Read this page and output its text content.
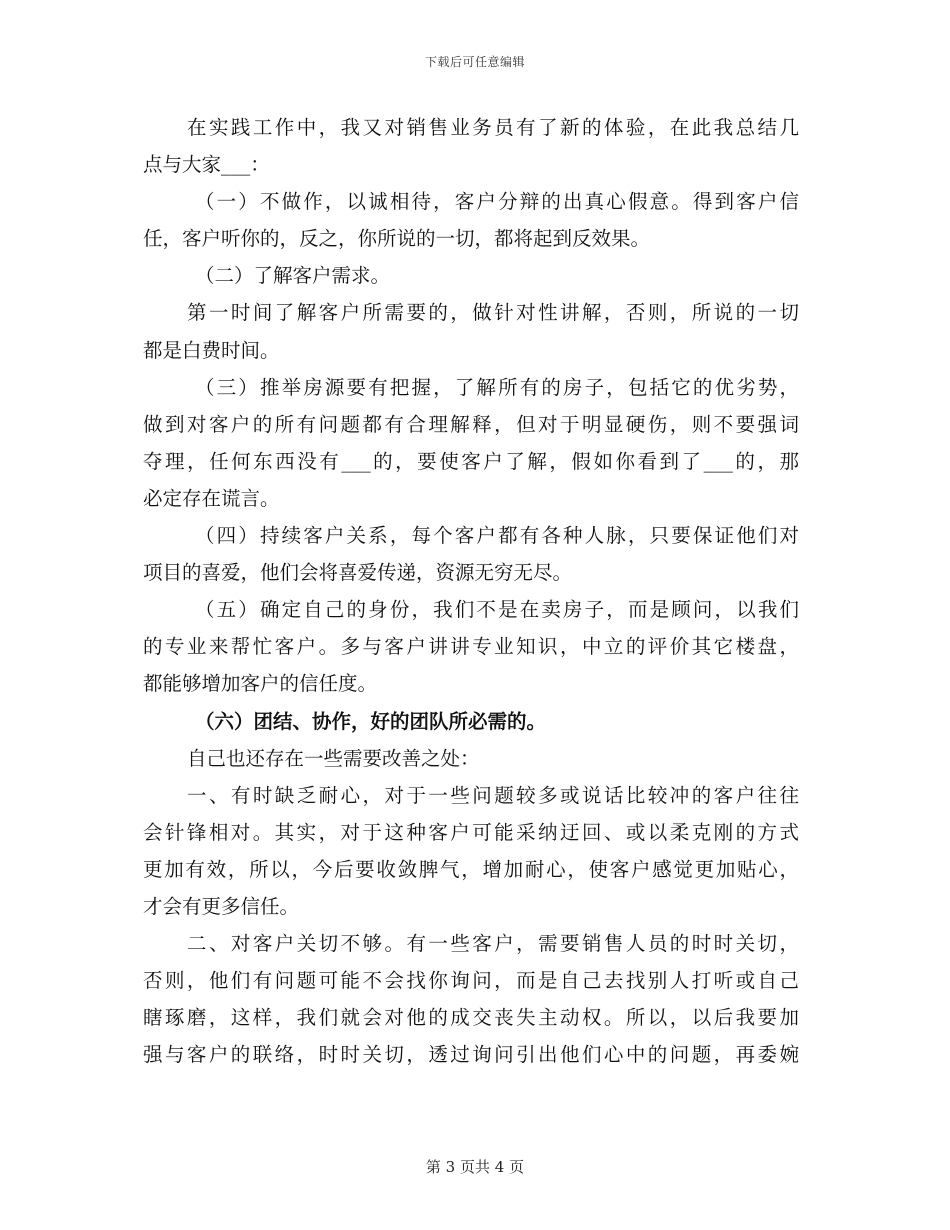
下载后可任意编辑
在实践工作中，我又对销售业务员有了新的体验，在此我总结几
点与大家___：
（一）不做作，以诚相待，客户分辩的出真心假意。得到客户信
任，客户听你的，反之，你所说的一切，都将起到反效果。
（二）了解客户需求。
第一时间了解客户所需要的，做针对性讲解，否则，所说的一切
都是白费时间。
（三）推举房源要有把握，了解所有的房子，包括它的优劣势，
做到对客户的所有问题都有合理解释，但对于明显硬伤，则不要强词
夺理，任何东西没有___的，要使客户了解，假如你看到了___的，那
必定存在谎言。
（四）持续客户关系，每个客户都有各种人脉，只要保证他们对
项目的喜爱，他们会将喜爱传递，资源无穷无尽。
（五）确定自己的身份，我们不是在卖房子，而是顾问，以我们
的专业来帮忙客户。多与客户讲讲专业知识，中立的评价其它楼盘，
都能够增加客户的信任度。
（六）团结、协作，好的团队所必需的。
自己也还存在一些需要改善之处：
一、有时缺乏耐心，对于一些问题较多或说话比较冲的客户往往
会针锋相对。其实，对于这种客户可能采纳迂回、或以柔克刚的方式
更加有效，所以，今后要收敛脾气，增加耐心，使客户感觉更加贴心，
才会有更多信任。
二、对客户关切不够。有一些客户，需要销售人员的时时关切，
否则，他们有问题可能不会找你询问，而是自己去找别人打听或自己
瞎琢磨，这样，我们就会对他的成交丧失主动权。所以，以后我要加
强与客户的联络，时时关切，透过询问引出他们心中的问题，再委婉
第 3 页共 4 页
